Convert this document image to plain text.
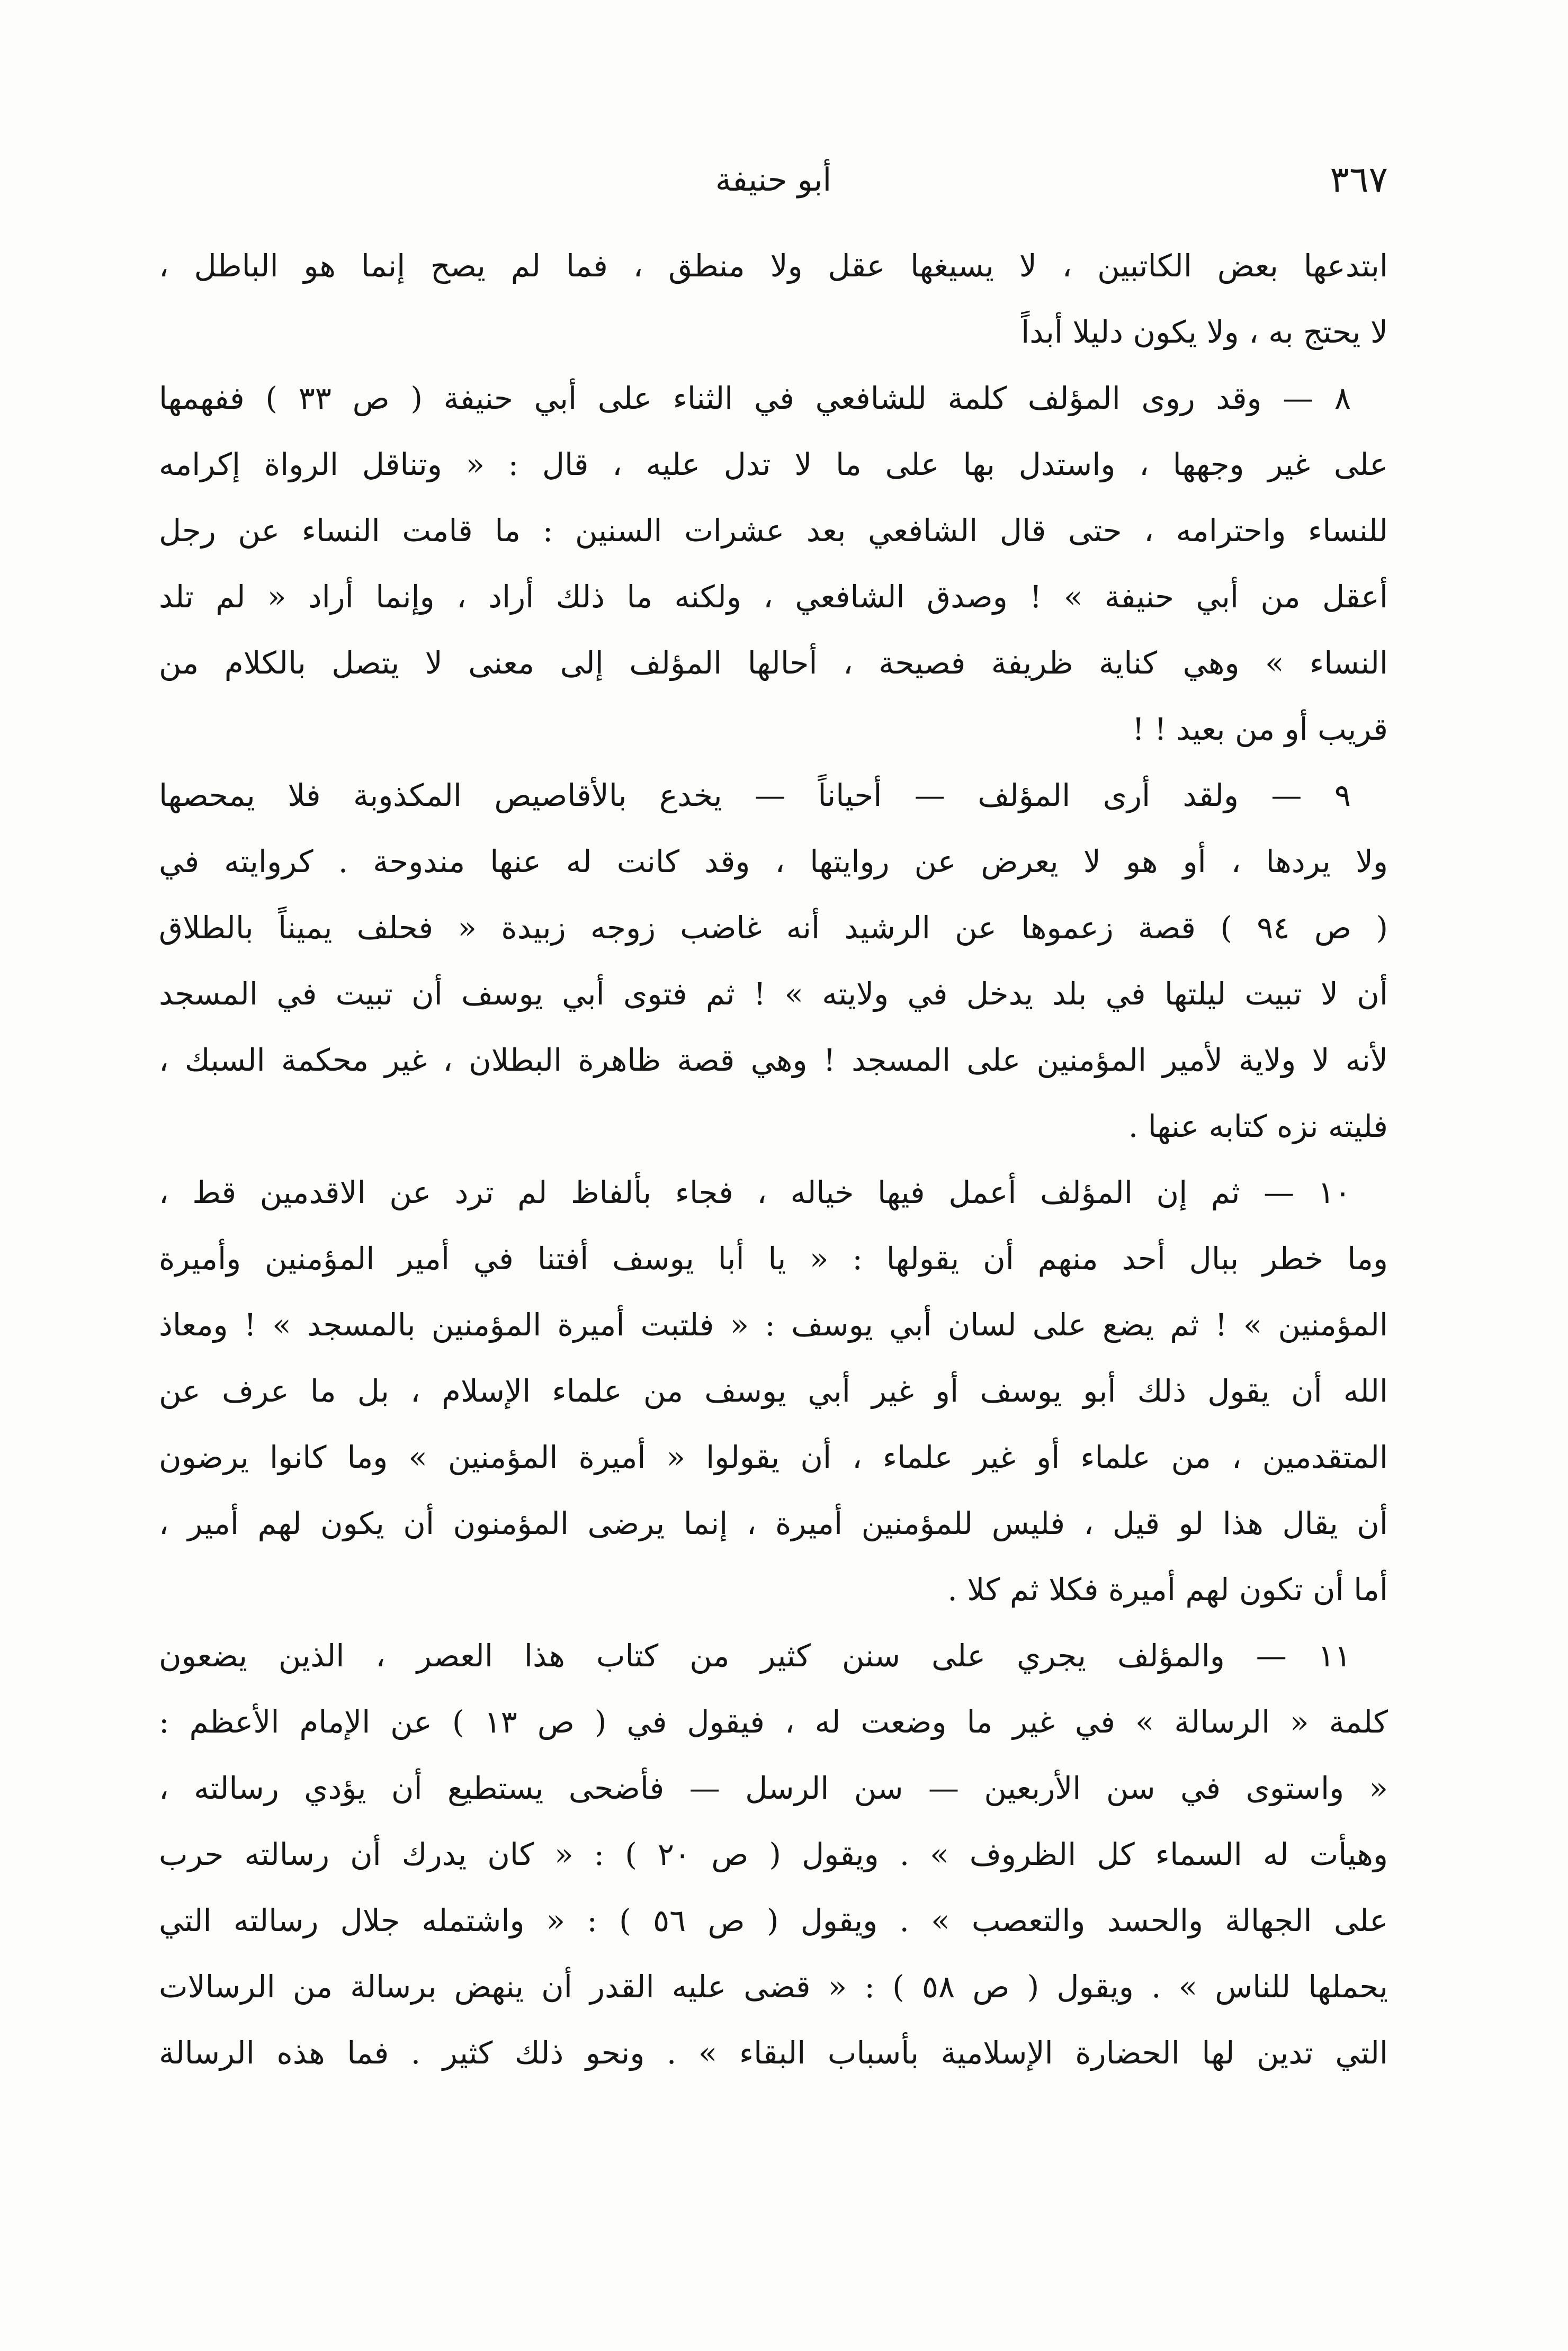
٣٦٧
أبو حنيفة
ابتدعها بعض الكاتبين ، لا يسيغها عقل ولا منطق ، فما لم يصح إنما هو الباطل ،
لا يحتج به ، ولا يكون دليلا أبداً
٨ — وقد روى المؤلف كلمة للشافعي في الثناء على أبي حنيفة ( ص ٣٣ ) ففهمها
على غير وجهها ، واستدل بها على ما لا تدل عليه ، قال : « وتناقل الرواة إكرامه
للنساء واحترامه ، حتى قال الشافعي بعد عشرات السنين : ما قامت النساء عن رجل
أعقل من أبي حنيفة » ! وصدق الشافعي ، ولكنه ما ذلك أراد ، وإنما أراد « لم تلد
النساء » وهي كناية ظريفة فصيحة ، أحالها المؤلف إلى معنى لا يتصل بالكلام من
قريب أو من بعيد ! !
٩ — ولقد أرى المؤلف — أحياناً — يخدع بالأقاصيص المكذوبة فلا يمحصها
ولا يردها ، أو هو لا يعرض عن روايتها ، وقد كانت له عنها مندوحة . كروايته في
( ص ٩٤ ) قصة زعموها عن الرشيد أنه غاضب زوجه زبيدة « فحلف يميناً بالطلاق
أن لا تبيت ليلتها في بلد يدخل في ولايته » ! ثم فتوى أبي يوسف أن تبيت في المسجد
لأنه لا ولاية لأمير المؤمنين على المسجد ! وهي قصة ظاهرة البطلان ، غير محكمة السبك ،
فليته نزه كتابه عنها .
١٠ — ثم إن المؤلف أعمل فيها خياله ، فجاء بألفاظ لم ترد عن الاقدمين قط ،
وما خطر ببال أحد منهم أن يقولها : « يا أبا يوسف أفتنا في أمير المؤمنين وأميرة
المؤمنين » ! ثم يضع على لسان أبي يوسف : « فلتبت أميرة المؤمنين بالمسجد » ! ومعاذ
الله أن يقول ذلك أبو يوسف أو غير أبي يوسف من علماء الإسلام ، بل ما عرف عن
المتقدمين ، من علماء أو غير علماء ، أن يقولوا « أميرة المؤمنين » وما كانوا يرضون
أن يقال هذا لو قيل ، فليس للمؤمنين أميرة ، إنما يرضى المؤمنون أن يكون لهم أمير ،
أما أن تكون لهم أميرة فكلا ثم كلا .
١١ — والمؤلف يجري على سنن كثير من كتاب هذا العصر ، الذين يضعون
كلمة « الرسالة » في غير ما وضعت له ، فيقول في ( ص ١٣ ) عن الإمام الأعظم :
« واستوى في سن الأربعين — سن الرسل — فأضحى يستطيع أن يؤدي رسالته ،
وهيأت له السماء كل الظروف » . ويقول ( ص ٢٠ ) : « كان يدرك أن رسالته حرب
على الجهالة والحسد والتعصب » . ويقول ( ص ٥٦ ) : « واشتمله جلال رسالته التي
يحملها للناس » . ويقول ( ص ٥٨ ) : « قضى عليه القدر أن ينهض برسالة من الرسالات
التي تدين لها الحضارة الإسلامية بأسباب البقاء » . ونحو ذلك كثير . فما هذه الرسالة
